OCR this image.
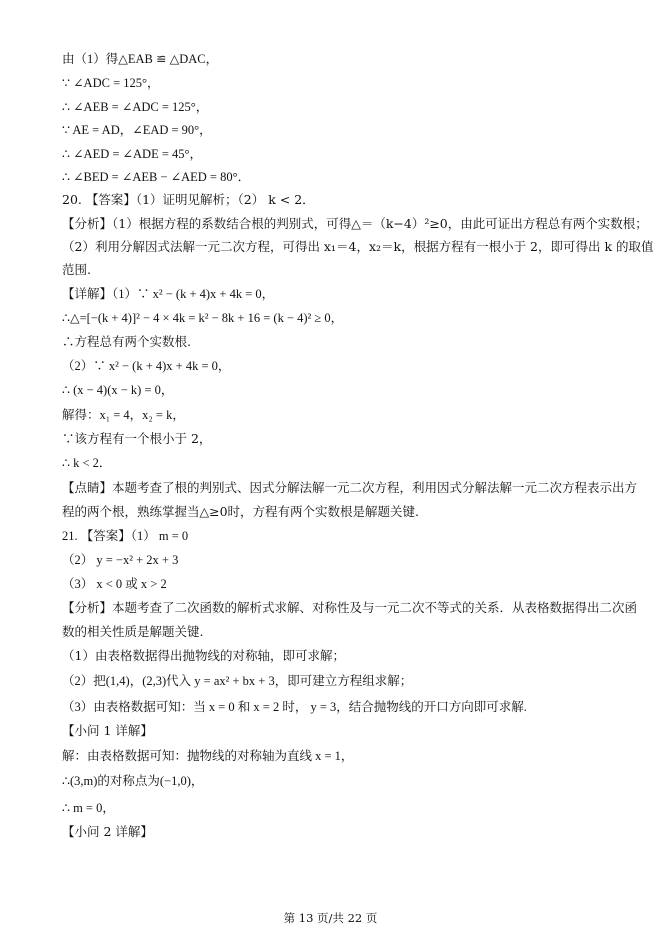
由（1）得△EAB ≌ △DAC，
∵ ∠ADC = 125°，
∴ ∠AEB = ∠ADC = 125°，
∵ AE = AD，∠EAD = 90°，
∴ ∠AED = ∠ADE = 45°，
∴ ∠BED = ∠AEB − ∠AED = 80°．
20. 【答案】（1）证明见解析；（2） k < 2．
【分析】（1）根据方程的系数结合根的判别式，可得△＝（k−4）²≥0，由此可证出方程总有两个实数根；
（2）利用分解因式法解一元二次方程，可得出 x₁＝4，x₂＝k，根据方程有一根小于 2，即可得出 k 的取值
范围.
【详解】（1）∵ x² − (k + 4)x + 4k = 0，
∴△=[−(k + 4)]² − 4 × 4k = k² − 8k + 16 = (k − 4)² ≥ 0，
∴方程总有两个实数根.
（2）∵ x² − (k + 4)x + 4k = 0，
∴ (x − 4)(x − k) = 0，
解得：x₁ = 4，x₂ = k，
∵该方程有一个根小于 2，
∴ k < 2．
【点睛】本题考查了根的判别式、因式分解法解一元二次方程，利用因式分解法解一元二次方程表示出方
程的两个根，熟练掌握当△≥0时，方程有两个实数根是解题关键.
21. 【答案】（1） m = 0
（2） y = −x² + 2x + 3
（3） x < 0 或 x > 2
【分析】本题考查了二次函数的解析式求解、对称性及与一元二次不等式的关系．从表格数据得出二次函
数的相关性质是解题关键.
（1）由表格数据得出抛物线的对称轴，即可求解；
（2）把(1,4)，(2,3)代入 y = ax² + bx + 3，即可建立方程组求解；
（3）由表格数据可知：当 x = 0 和 x = 2 时， y = 3，结合抛物线的开口方向即可求解.
【小问 1 详解】
解：由表格数据可知：抛物线的对称轴为直线 x = 1，
∴(3,m)的对称点为(−1,0)，
∴ m = 0，
【小问 2 详解】
第 13 页/共 22 页
